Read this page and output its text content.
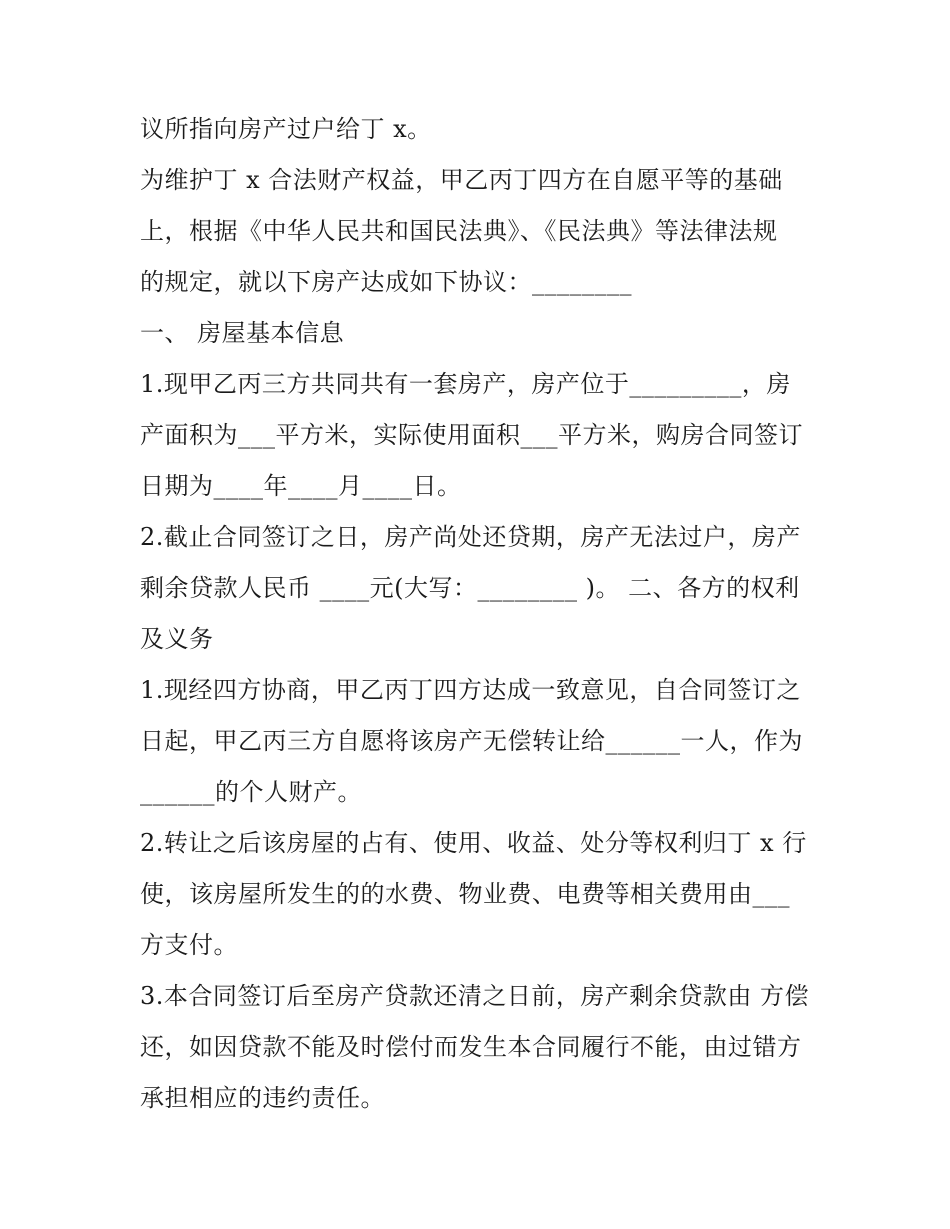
议所指向房产过户给丁 x。
为维护丁 x 合法财产权益，甲乙丙丁四方在自愿平等的基础
上，根据《中华人民共和国民法典》、《民法典》等法律法规
的规定，就以下房产达成如下协议：________
一、 房屋基本信息
1.现甲乙丙三方共同共有一套房产，房产位于_________，房
产面积为___平方米，实际使用面积___平方米，购房合同签订
日期为____年____月____日。
2.截止合同签订之日，房产尚处还贷期，房产无法过户，房产
剩余贷款人民币 ____元(大写：________ )。 二、各方的权利
及义务
1.现经四方协商，甲乙丙丁四方达成一致意见，自合同签订之
日起，甲乙丙三方自愿将该房产无偿转让给______一人，作为
______的个人财产。
2.转让之后该房屋的占有、使用、收益、处分等权利归丁 x 行
使，该房屋所发生的的水费、物业费、电费等相关费用由___
方支付。
3.本合同签订后至房产贷款还清之日前，房产剩余贷款由 方偿
还，如因贷款不能及时偿付而发生本合同履行不能，由过错方
承担相应的违约责任。
